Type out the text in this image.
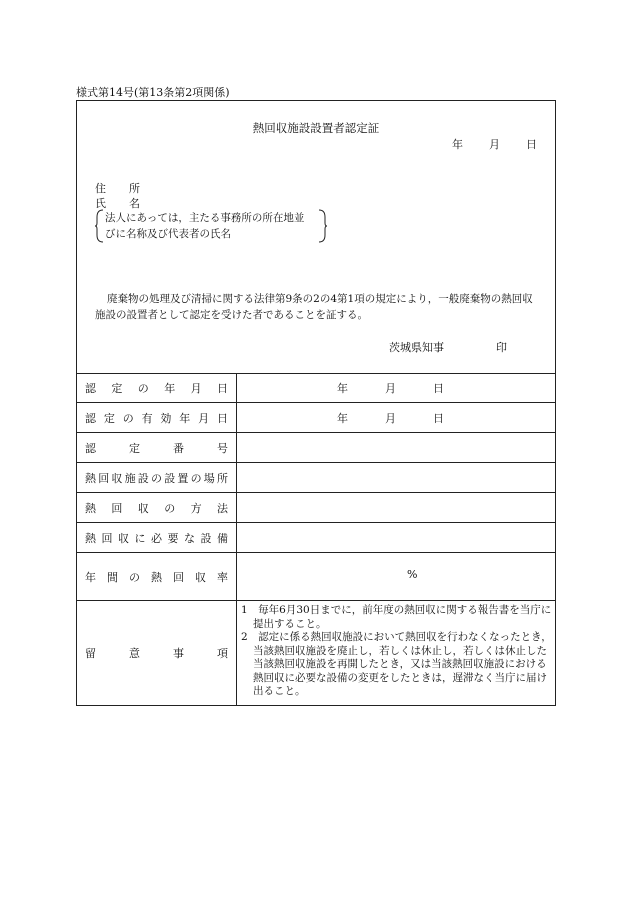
様式第14号(第13条第2項関係)
熱回収施設設置者認定証
年 月 日
住　所
氏　名
法人にあっては，主たる事務所の所在地並
びに名称及び代表者の氏名
廃棄物の処理及び清掃に関する法律第9条の2の4第1項の規定により，一般廃棄物の熱回収施設の設置者として認定を受けた者であることを証する。
茨城県知事	印
認定の年月日	年	月	日
認定の有効年月日	年	月	日
認定番号
熱回収施設の設置の場所
熱回収の方法
熱回収に必要な設備
年間の熱回収率	%
留意事項

1　毎年6月30日までに，前年度の熱回収に関する報告書を当庁に提出すること。

2　認定に係る熱回収施設において熱回収を行わなくなったとき，当該熱回収施設を廃止し，若しくは休止し，若しくは休止した当該熱回収施設を再開したとき，又は当該熱回収施設における熱回収に必要な設備の変更をしたときは，遅滞なく当庁に届け出ること。
